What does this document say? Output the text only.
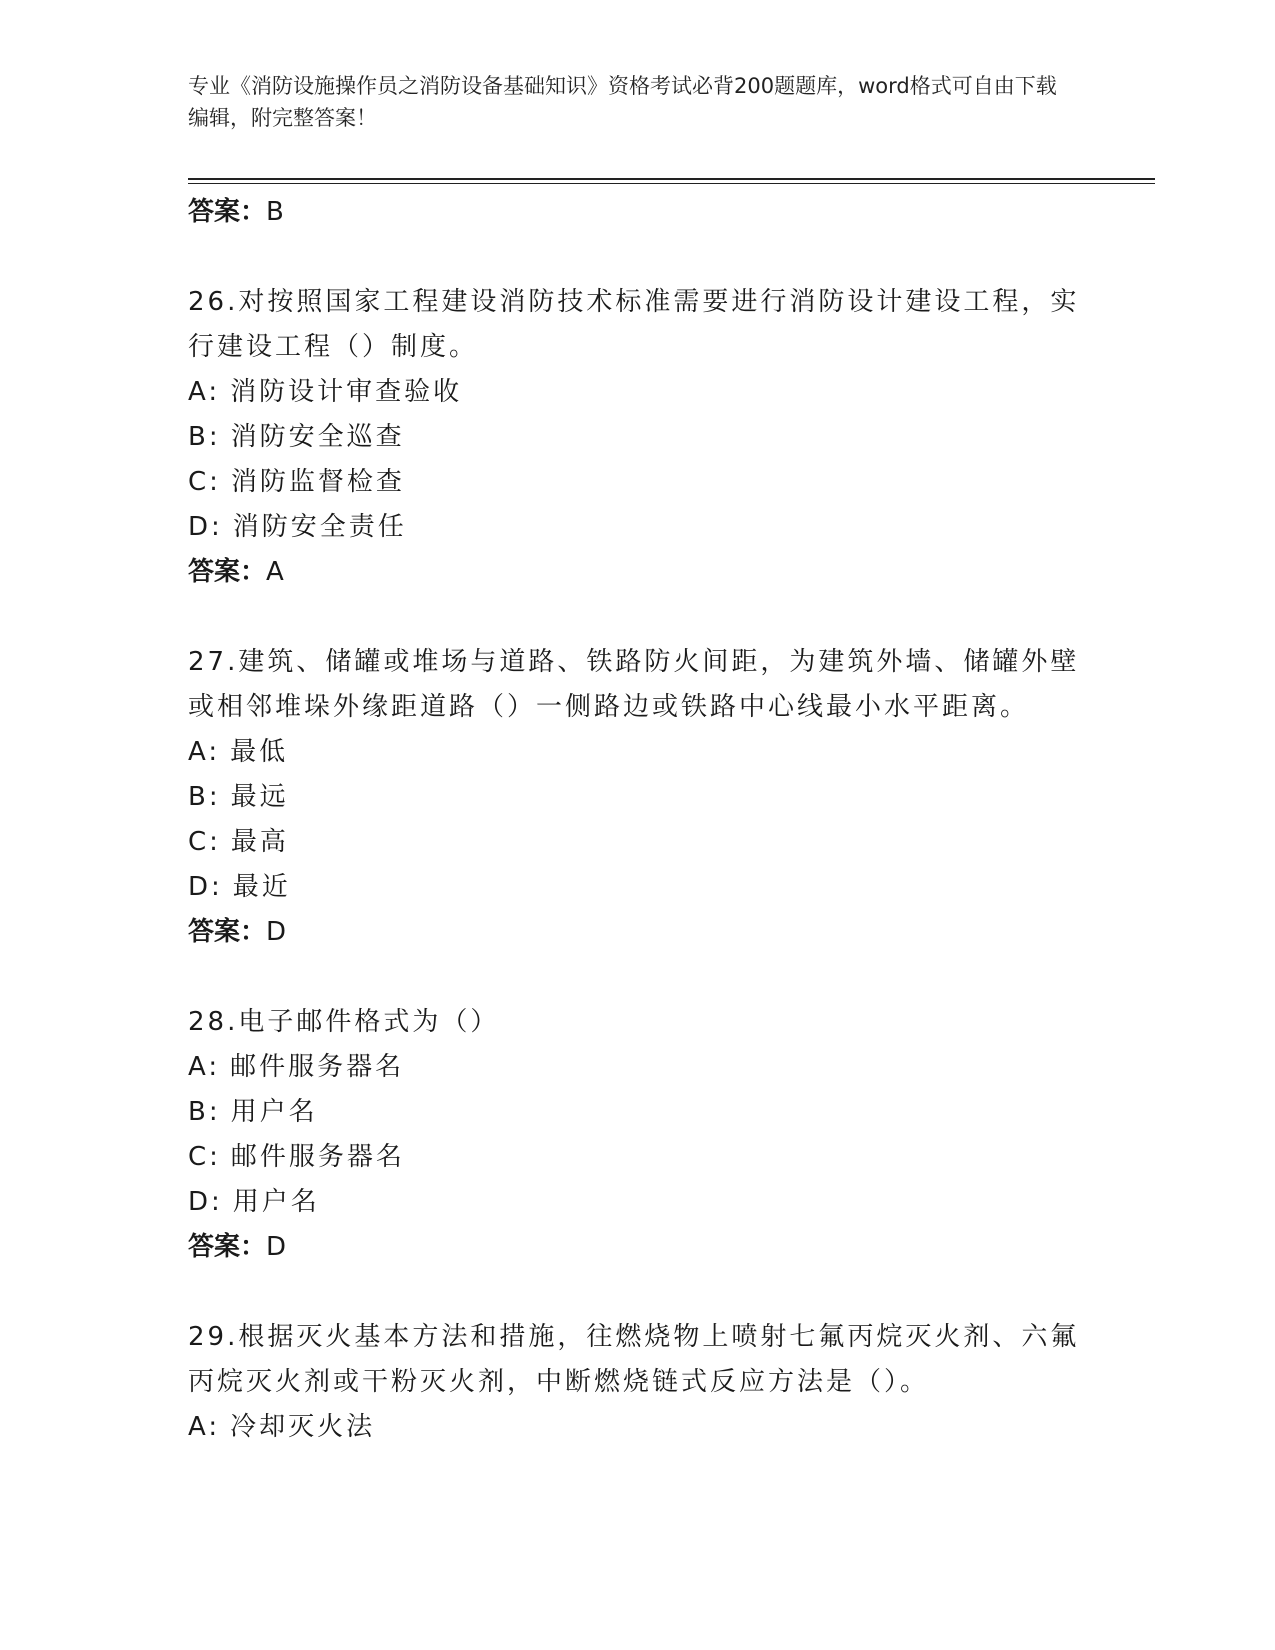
专业《消防设施操作员之消防设备基础知识》资格考试必背200题题库，word格式可自由下载编辑，附完整答案！
答案：B
26.对按照国家工程建设消防技术标准需要进行消防设计建设工程，实行建设工程（）制度。
A: 消防设计审查验收
B: 消防安全巡查
C: 消防监督检查
D: 消防安全责任
答案：A
27.建筑、储罐或堆场与道路、铁路防火间距，为建筑外墙、储罐外壁或相邻堆垛外缘距道路（）一侧路边或铁路中心线最小水平距离。
A: 最低
B: 最远
C: 最高
D: 最近
答案：D
28.电子邮件格式为（）
A: 邮件服务器名
B: 用户名
C: 邮件服务器名
D: 用户名
答案：D
29.根据灭火基本方法和措施，往燃烧物上喷射七氟丙烷灭火剂、六氟丙烷灭火剂或干粉灭火剂，中断燃烧链式反应方法是（）。
A: 冷却灭火法
